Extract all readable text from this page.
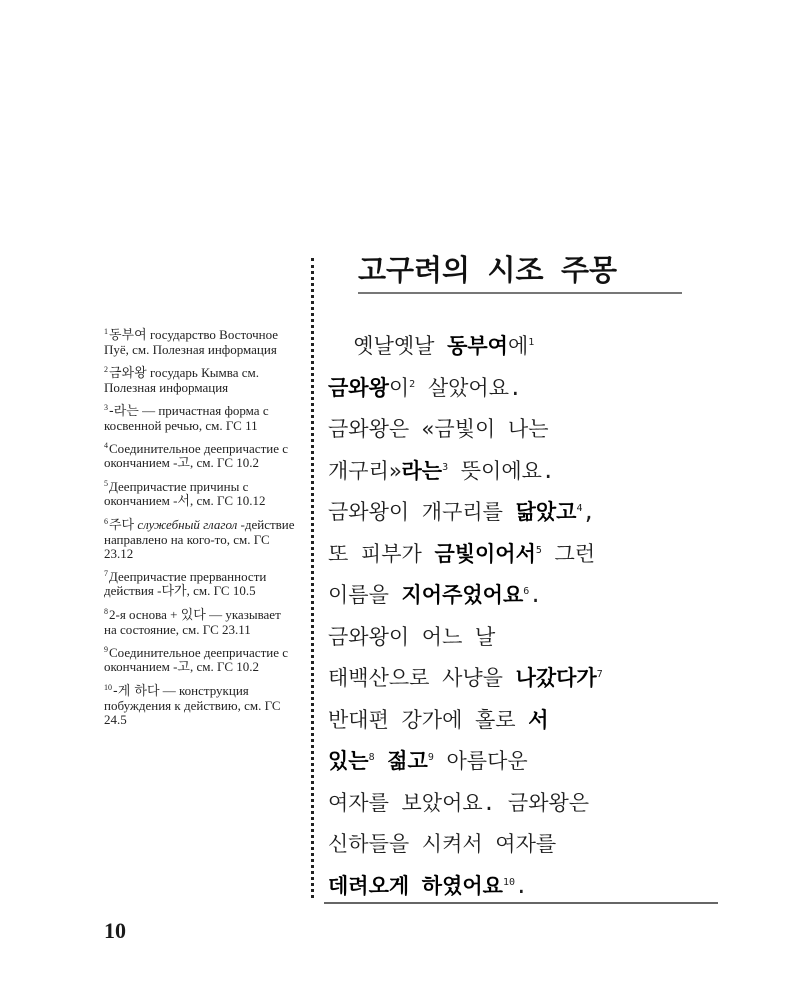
$^1$동부여 государство Восточное Пуё, см. Полезная информация
$^2$금와왕 государь Кымва см. Полезная информация
$^3$-라는 — причастная форма с косвенной речью, см. ГС 11
$^4$Соединительное деепричастие с окончанием -고, см. ГС 10.2
$^5$Деепричастие причины с окончанием -서, см. ГС 10.12
$^6$주다 служебный глагол -действие направлено на кого-то, см. ГС 23.12
$^7$Деепричастие прерванности действия -다가, см. ГС 10.5
$^8$2-я основа + 있다 — указывает на состояние, см. ГС 23.11
$^9$Соединительное деепричастие с окончанием -고, см. ГС 10.2
$^{10}$-게 하다 — конструкция побуждения к действию, см. ГС 24.5
고구려의 시조 주몽
옛날옛날 동부여에$^1$
금와왕이$^2$ 살았어요.
금와왕은 «금빛이 나는
개구리»라는$^3$ 뜻이에요.
금와왕이 개구리를 닮았고$^4$,
또 피부가 금빛이어서$^5$ 그런
이름을 지어주었어요$^6$.
금와왕이 어느 날
태백산으로 사냥을 나갔다가$^7$
반대편 강가에 홀로 서
있는$^8$ 젊고$^9$ 아름다운
여자를 보았어요. 금와왕은
신하들을 시켜서 여자를
데려오게 하였어요$^{10}$.
10
